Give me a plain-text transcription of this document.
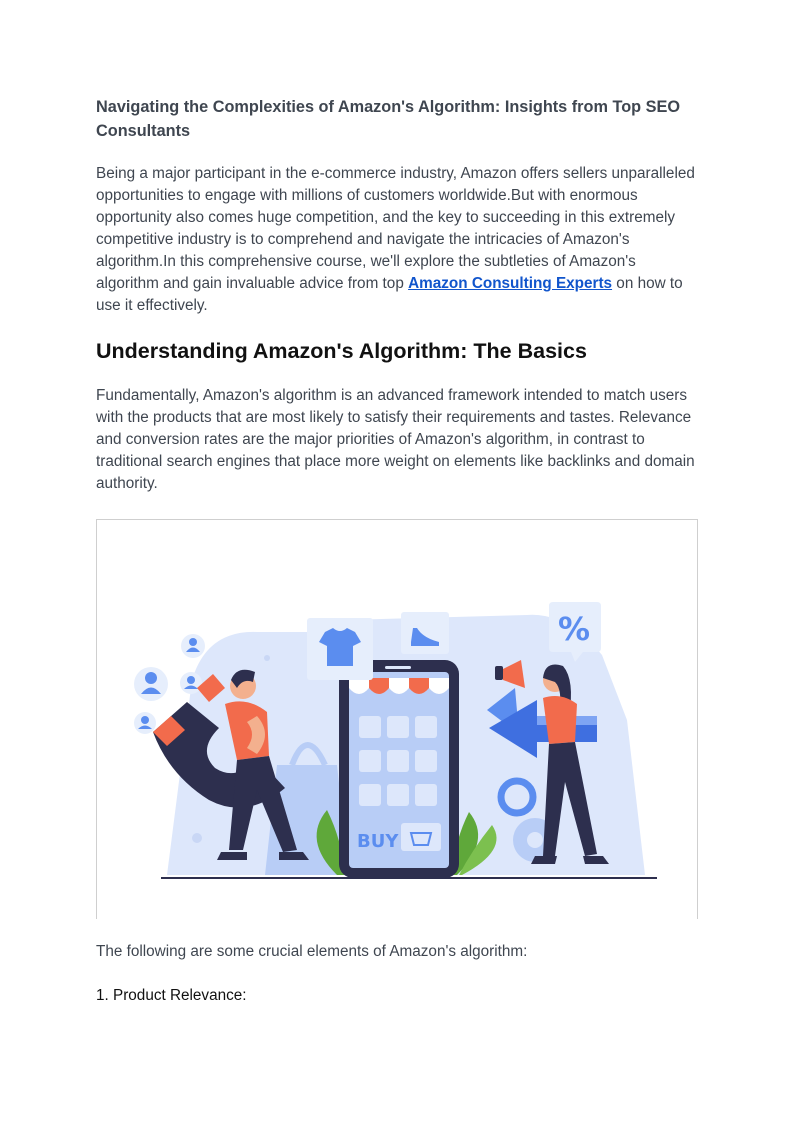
Navigating the Complexities of Amazon's Algorithm: Insights from Top SEO Consultants

Being a major participant in the e-commerce industry, Amazon offers sellers unparalleled opportunities to engage with millions of customers worldwide.But with enormous opportunity also comes huge competition, and the key to succeeding in this extremely competitive industry is to comprehend and navigate the intricacies of Amazon's algorithm.In this comprehensive course, we'll explore the subtleties of Amazon's algorithm and gain invaluable advice from top Amazon Consulting Experts on how to use it effectively.

Understanding Amazon's Algorithm: The Basics

Fundamentally, Amazon's algorithm is an advanced framework intended to match users with the products that are most likely to satisfy their requirements and tastes. Relevance and conversion rates are the major priorities of Amazon's algorithm, in contrast to traditional search engines that place more weight on elements like backlinks and domain authority.

The following are some crucial elements of Amazon's algorithm:

1. Product Relevance:

BUY
%
